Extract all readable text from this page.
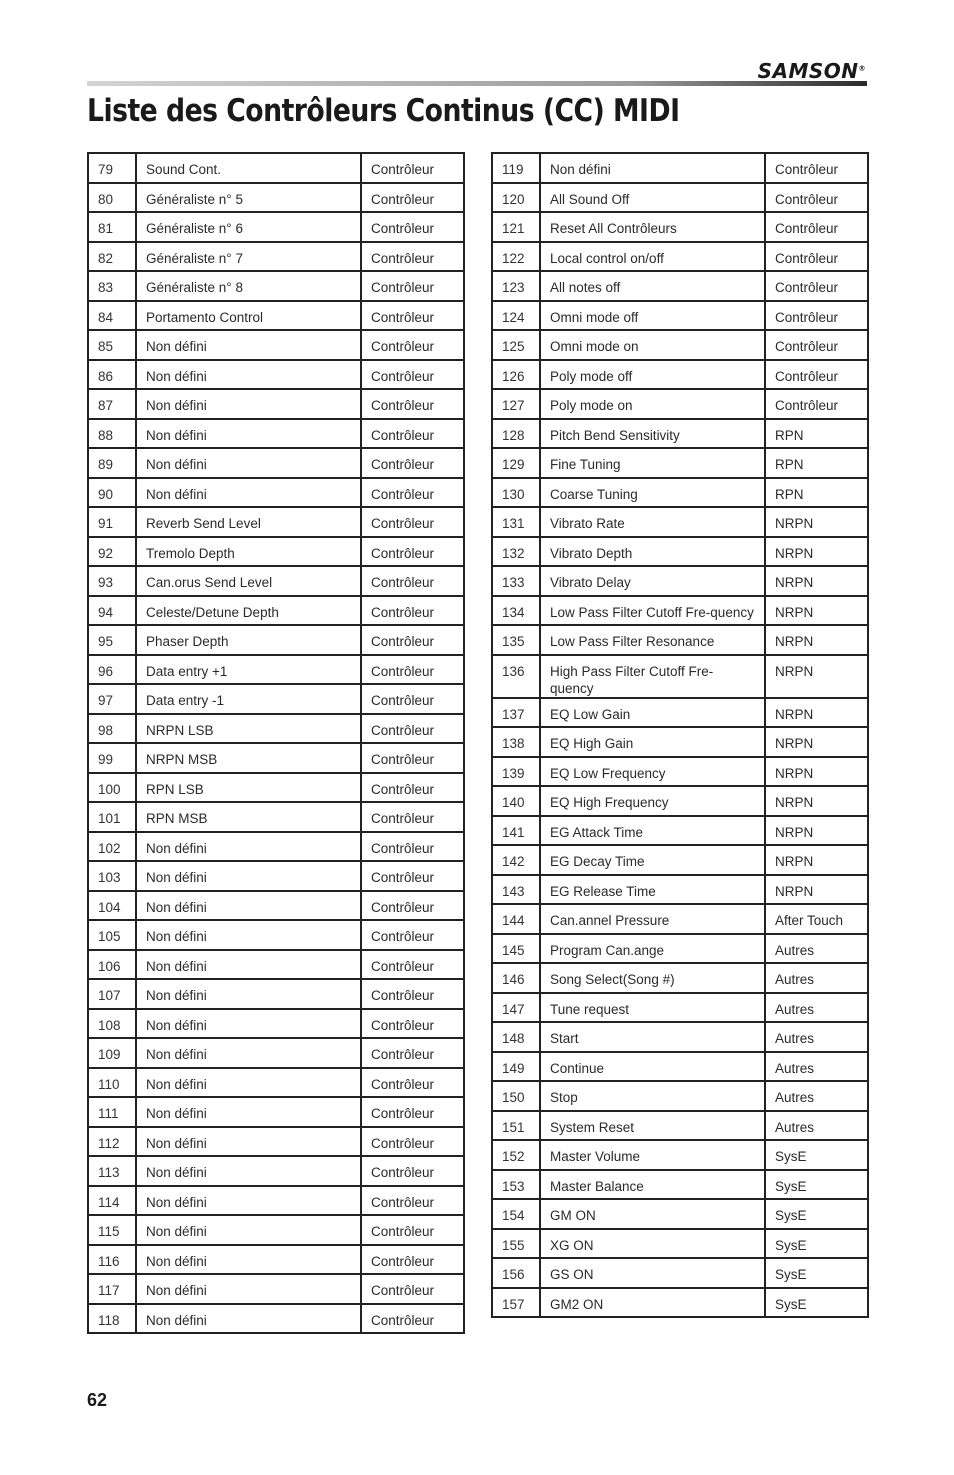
SAMSON®
Liste des Contrôleurs Continus (CC) MIDI
79	Sound Cont.	Contrôleur
80	Généraliste n° 5	Contrôleur
81	Généraliste n° 6	Contrôleur
82	Généraliste n° 7	Contrôleur
83	Généraliste n° 8	Contrôleur
84	Portamento Control	Contrôleur
85	Non défini	Contrôleur
86	Non défini	Contrôleur
87	Non défini	Contrôleur
88	Non défini	Contrôleur
89	Non défini	Contrôleur
90	Non défini	Contrôleur
91	Reverb Send Level	Contrôleur
92	Tremolo Depth	Contrôleur
93	Can.orus Send Level	Contrôleur
94	Celeste/Detune Depth	Contrôleur
95	Phaser Depth	Contrôleur
96	Data entry +1	Contrôleur
97	Data entry -1	Contrôleur
98	NRPN LSB	Contrôleur
99	NRPN MSB	Contrôleur
100	RPN LSB	Contrôleur
101	RPN MSB	Contrôleur
102	Non défini	Contrôleur
103	Non défini	Contrôleur
104	Non défini	Contrôleur
105	Non défini	Contrôleur
106	Non défini	Contrôleur
107	Non défini	Contrôleur
108	Non défini	Contrôleur
109	Non défini	Contrôleur
110	Non défini	Contrôleur
111	Non défini	Contrôleur
112	Non défini	Contrôleur
113	Non défini	Contrôleur
114	Non défini	Contrôleur
115	Non défini	Contrôleur
116	Non défini	Contrôleur
117	Non défini	Contrôleur
118	Non défini	Contrôleur
119	Non défini	Contrôleur
120	All Sound Off	Contrôleur
121	Reset All Contrôleurs	Contrôleur
122	Local control on/off	Contrôleur
123	All notes off	Contrôleur
124	Omni mode off	Contrôleur
125	Omni mode on	Contrôleur
126	Poly mode off	Contrôleur
127	Poly mode on	Contrôleur
128	Pitch Bend Sensitivity	RPN
129	Fine Tuning	RPN
130	Coarse Tuning	RPN
131	Vibrato Rate	NRPN
132	Vibrato Depth	NRPN
133	Vibrato Delay	NRPN
134	Low Pass Filter Cutoff Fre-quency	NRPN
135	Low Pass Filter Resonance	NRPN
136	High Pass Filter Cutoff Fre-quency	NRPN
137	EQ Low Gain	NRPN
138	EQ High Gain	NRPN
139	EQ Low Frequency	NRPN
140	EQ High Frequency	NRPN
141	EG Attack Time	NRPN
142	EG Decay Time	NRPN
143	EG Release Time	NRPN
144	Can.annel Pressure	After Touch
145	Program Can.ange	Autres
146	Song Select(Song #)	Autres
147	Tune request	Autres
148	Start	Autres
149	Continue	Autres
150	Stop	Autres
151	System Reset	Autres
152	Master Volume	SysE
153	Master Balance	SysE
154	GM ON	SysE
155	XG ON	SysE
156	GS ON	SysE
157	GM2 ON	SysE
62
